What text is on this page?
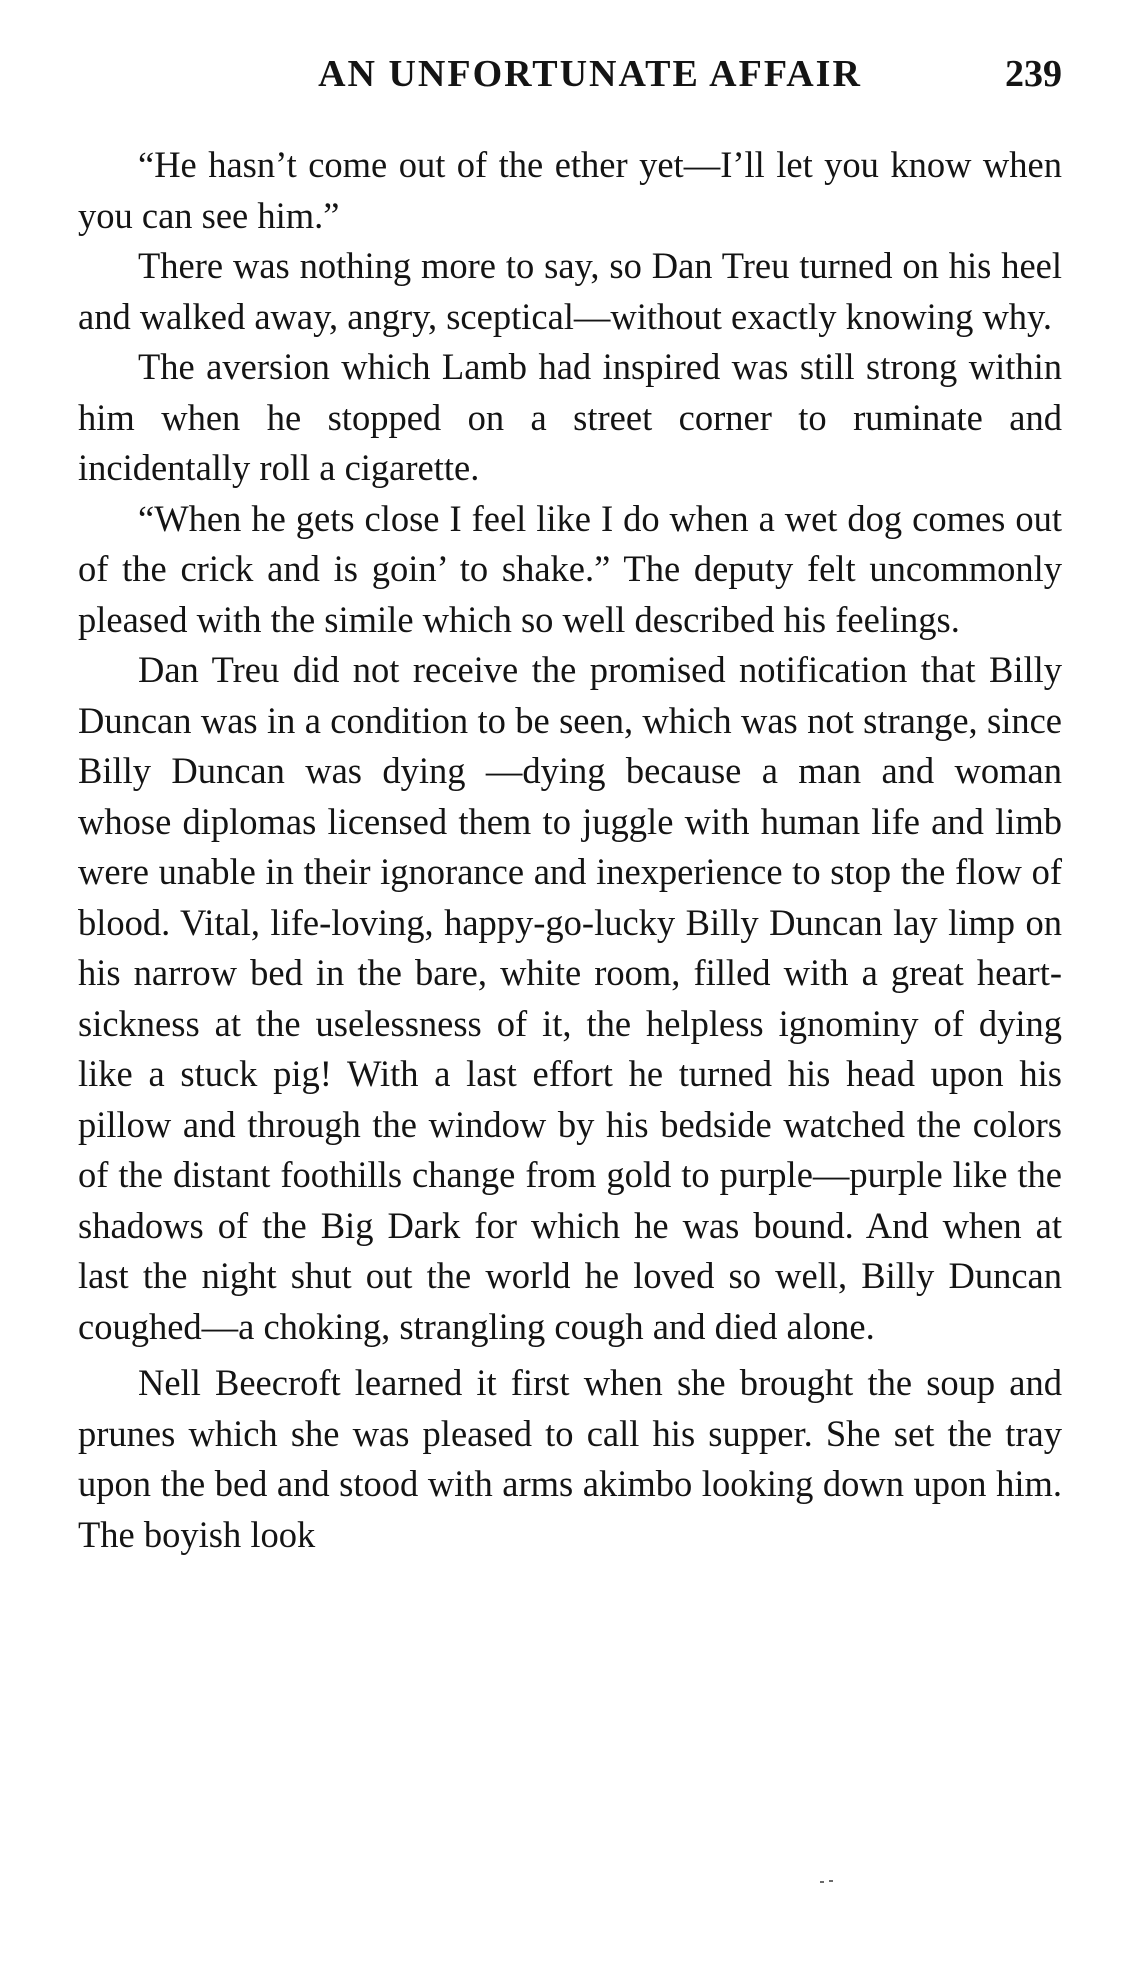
AN UNFORTUNATE AFFAIR	239

“He hasn’t come out of the ether yet—I’ll let you know when you can see him.”

There was nothing more to say, so Dan Treu turned on his heel and walked away, angry, sceptical—without exactly knowing why.

The aversion which Lamb had inspired was still strong within him when he stopped on a street corner to ruminate and incidentally roll a cigarette.

“When he gets close I feel like I do when a wet dog comes out of the crick and is goin’ to shake.” The deputy felt uncommonly pleased with the simile which so well described his feelings.

Dan Treu did not receive the promised notification that Billy Duncan was in a condition to be seen, which was not strange, since Billy Duncan was dying —dying because a man and woman whose diplomas licensed them to juggle with human life and limb were unable in their ignorance and inexperience to stop the flow of blood. Vital, life-loving, happy-go-lucky Billy Duncan lay limp on his narrow bed in the bare, white room, filled with a great heart-sickness at the uselessness of it, the helpless ignominy of dying like a stuck pig! With a last effort he turned his head upon his pillow and through the window by his bedside watched the colors of the distant foothills change from gold to purple—purple like the shadows of the Big Dark for which he was bound. And when at last the night shut out the world he loved so well, Billy Duncan coughed—a choking, strangling cough and died alone.

Nell Beecroft learned it first when she brought the soup and prunes which she was pleased to call his supper. She set the tray upon the bed and stood with arms akimbo looking down upon him. The boyish look
